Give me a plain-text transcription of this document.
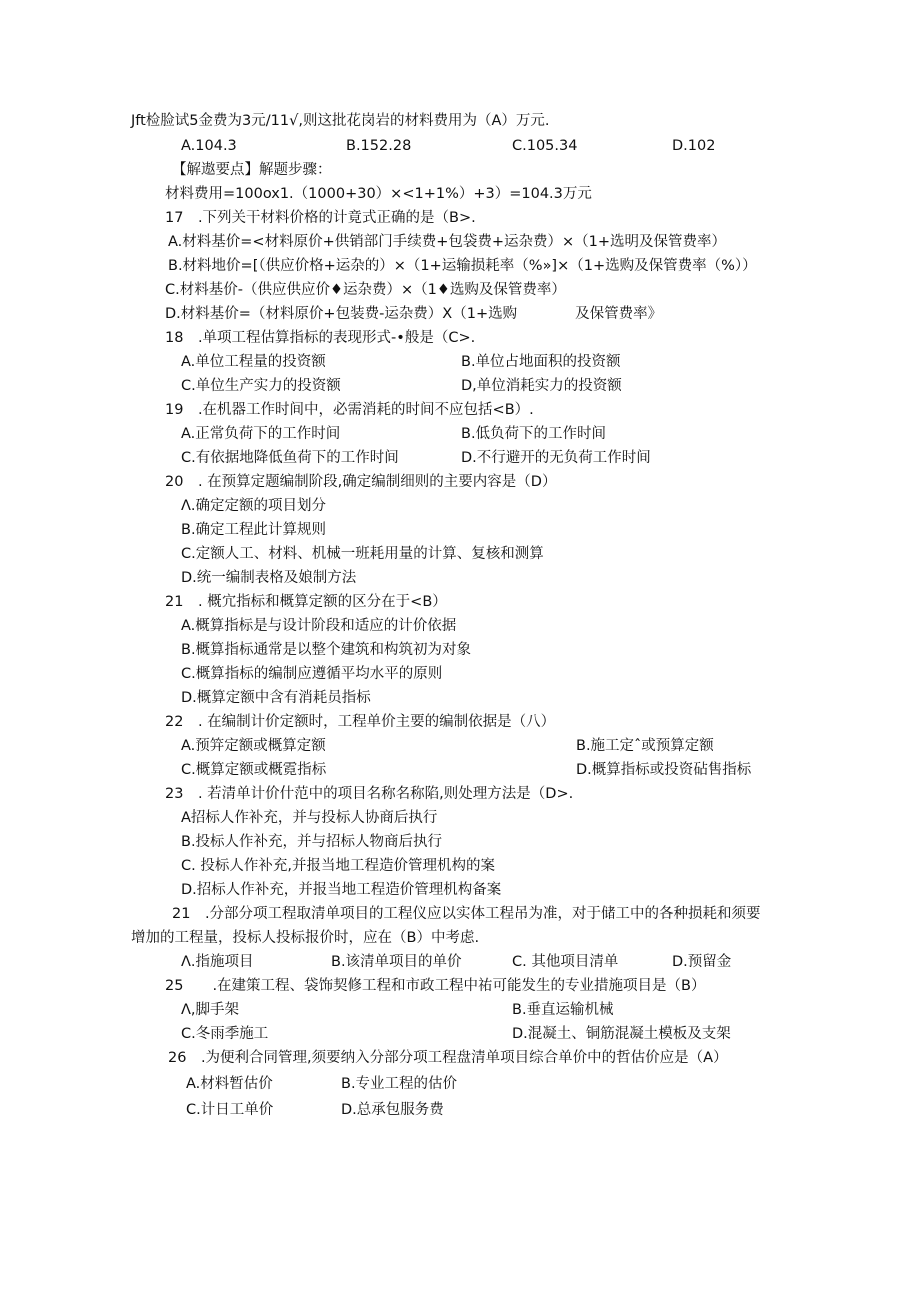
Jft检脸试5金费为3元/11√,则这批花岗岩的材料费用为（A）万元.
A.104.3	B.152.28	C.105.34	D.102
【解遨要点】解题步骤：
材料费用=100ox1.（1000+30）×<1+1%）+3）=104.3万元
17　.下列关干材料价格的计竟式正确的是（B>.
A.材料基价=<材料原价+供销部门手续费+包袋费+运杂费）×（1+选明及保管费率）
B.材料地价=[（供应价格+运杂的）×（1+运输损耗率（%»]×（1+选购及保管费率（%））
C.材料基价-（供应供应价♦运杂费）×（1♦选购及保管费率）
D.材料基价=（材料原价+包装费-运杂费）X（1+选购　　　　及保管费率》
18　.单项工程估算指标的表现形式-•般是（C>.
A.单位工程量的投资额	B.单位占地面积的投资额
C.单位生产实力的投资额	D,单位消耗实力的投资额
19　.在机器工作时间中，必需消耗的时间不应包括<B）.
A.正常负荷下的工作时间	B.低负荷下的工作时间
C.有依据地降低鱼荷下的工作时间	D.不行避开的无负荷工作时间
20　. 在预算定题编制阶段,确定编制细则的主要内容是（D）
Λ.确定定额的项目划分
B.确定工程此计算规则
C.定额人工、材料、机械一班耗用量的计算、复核和测算
D.统一编制表格及娘制方法
21　. 概宂指标和概算定额的区分在于<B）
A.概算指标是与设计阶段和适应的计价依据
B.概算指标通常是以整个建筑和构筑初为对象
C.概算指标的编制应遵循平均水平的原则
D.概算定额中含有消耗员指标
22　. 在编制计价定额时，工程单价主要的编制依据是（八）
A.预笄定额或概算定额	B.施工定ˆ或预算定额
C.概算定额或概霓指标	D.概算指标或投资砧售指标
23　. 若清单计价什范中的项目名称名称陷,则处理方法是（D>.
A招标人作补充，并与投标人协商后执行
B.投标人作补充，并与招标人物商后执行
C. 投标人作补充,并报当地工程造价管理机构的案
D.招标人作补充，并报当地工程造价管理机构备案
21　.分部分项工程取清单项目的工程仪应以实体工程吊为准，对于储工中的各种损耗和须要
增加的工程量，投标人投标报价时，应在（B）中考虑.
Λ.指施项目	B.该清单项目的单价	C. 其他项目清单	D.预留金
25　　.在建策工程、袋饰契修工程和市政工程中祐可能发生的专业措施项目是（B）
Λ,脚手架	B.垂直运输机械
C.冬雨季施工	D.混凝土、铜筋混凝土模板及支架
26　.为便利合同管理,须要纳入分部分项工程盘清单项目综合单价中的哲估价应是（A）
A.材料暂估价	B.专业工程的估价
C.计日工单价	D.总承包服务费
